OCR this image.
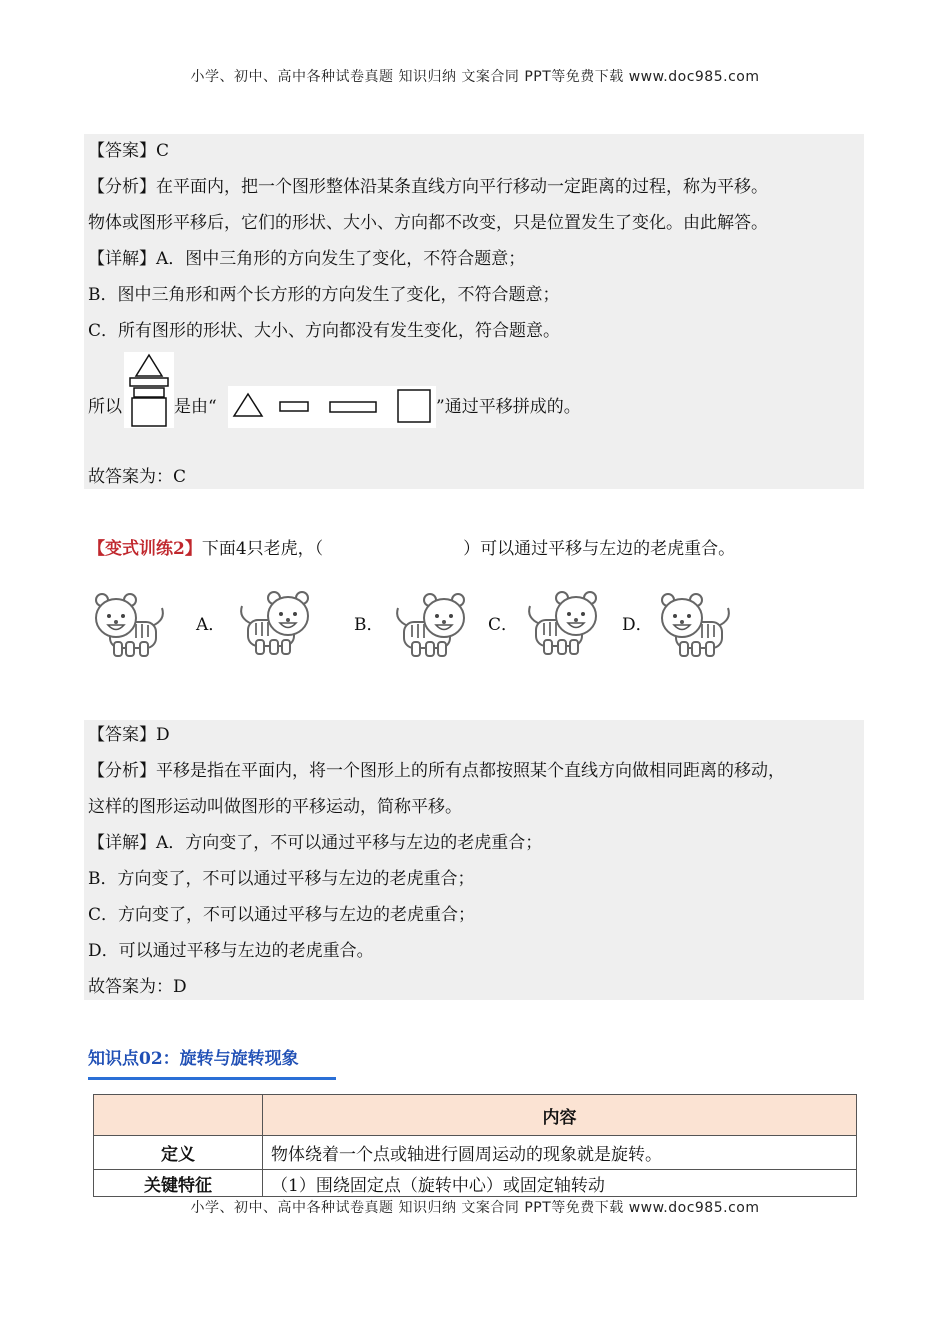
小学、初中、高中各种试卷真题 知识归纳 文案合同 PPT等免费下载 www.doc985.com
【答案】C
【分析】在平面内，把一个图形整体沿某条直线方向平行移动一定距离的过程，称为平移。
物体或图形平移后，它们的形状、大小、方向都不改变，只是位置发生了变化。由此解答。
【详解】A．图中三角形的方向发生了变化，不符合题意；
B．图中三角形和两个长方形的方向发生了变化，不符合题意；
C．所有图形的形状、大小、方向都没有发生变化，符合题意。
所以	是由“	”通过平移拼成的。
故答案为：C
【变式训练2】下面4只老虎，（	）可以通过平移与左边的老虎重合。
A．	B．	C．	D．
【答案】D
【分析】平移是指在平面内，将一个图形上的所有点都按照某个直线方向做相同距离的移动，
这样的图形运动叫做图形的平移运动，简称平移。
【详解】A．方向变了，不可以通过平移与左边的老虎重合；
B．方向变了，不可以通过平移与左边的老虎重合；
C．方向变了，不可以通过平移与左边的老虎重合；
D．可以通过平移与左边的老虎重合。
故答案为：D
知识点02：旋转与旋转现象
	内容
定义	物体绕着一个点或轴进行圆周运动的现象就是旋转。
关键特征	（1）围绕固定点（旋转中心）或固定轴转动
小学、初中、高中各种试卷真题 知识归纳 文案合同 PPT等免费下载 www.doc985.com
